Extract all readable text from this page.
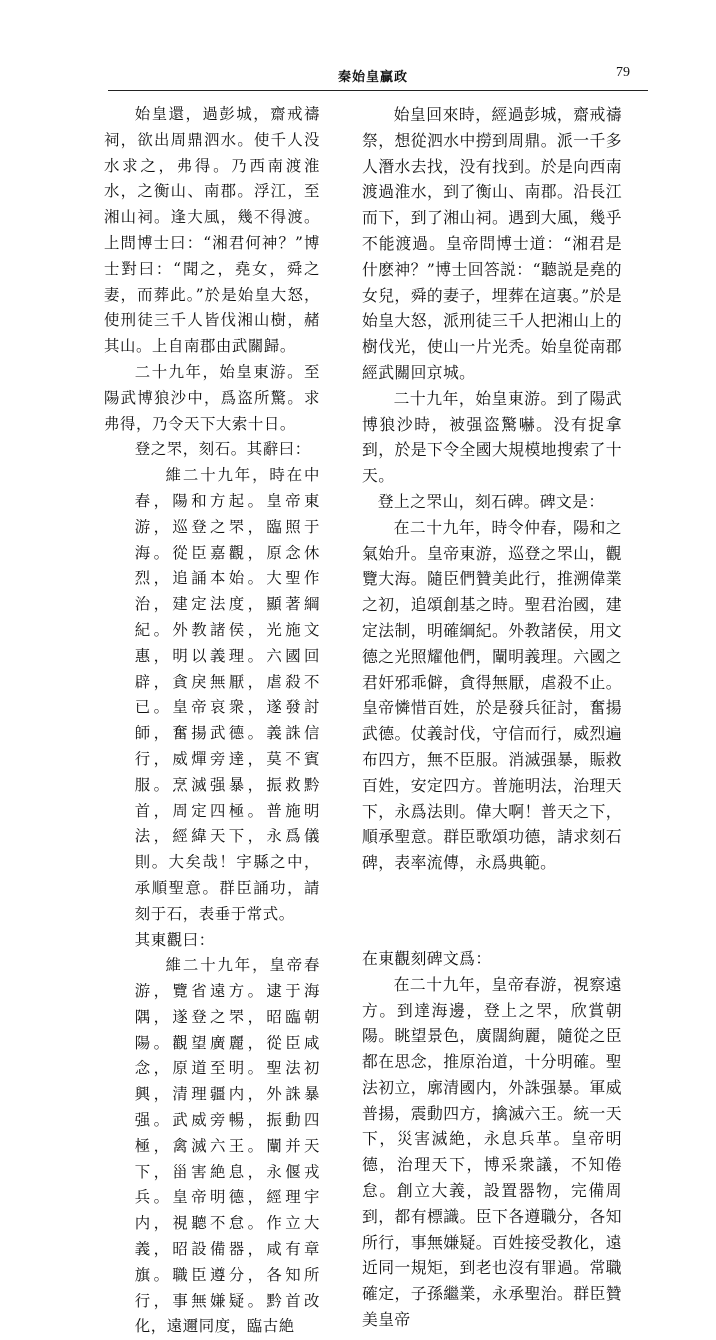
秦始皇贏政	79

始皇還，過彭城，齋戒禱祠，欲出周鼎泗水。使千人没水求之，弗得。乃西南渡淮水，之衡山、南郡。浮江，至湘山祠。逢大風，幾不得渡。上問博士曰：“湘君何神？”博士對曰：“聞之，堯女，舜之妻，而葬此。”於是始皇大怒，使刑徒三千人皆伐湘山樹，赭其山。上自南郡由武關歸。

二十九年，始皇東游。至陽武博狼沙中，爲盗所驚。求弗得，乃令天下大索十日。

登之罘，刻石。其辭曰：

維二十九年，時在中春，陽和方起。皇帝東游，巡登之罘，臨照于海。從臣嘉觀，原念休烈，追誦本始。大聖作治，建定法度，顯著綱紀。外教諸侯，光施文惠，明以義理。六國回辟，貪戾無厭，虐殺不已。皇帝哀衆，遂發討師，奮揚武德。義誅信行，威燀旁達，莫不賓服。烹滅强暴，振救黔首，周定四極。普施明法，經緯天下，永爲儀則。大矣哉！宇縣之中，承順聖意。群臣誦功，請刻于石，表垂于常式。

其東觀曰：

維二十九年，皇帝春游，覽省遠方。逮于海隅，遂登之罘，昭臨朝陽。觀望廣麗，從臣咸念，原道至明。聖法初興，清理疆内，外誅暴强。武威旁暢，振動四極，禽滅六王。闡并天下，甾害絶息，永偃戎兵。皇帝明德，經理宇内，視聽不怠。作立大義，昭設備器，咸有章旗。職臣遵分，各知所行，事無嫌疑。黔首改化，遠邇同度，臨古絶

始皇回來時，經過彭城，齋戒禱祭，想從泗水中撈到周鼎。派一千多人潛水去找，没有找到。於是向西南渡過淮水，到了衡山、南郡。沿長江而下，到了湘山祠。遇到大風，幾乎不能渡過。皇帝問博士道：“湘君是什麽神？”博士回答説：“聽説是堯的女兒，舜的妻子，埋葬在這裏。”於是始皇大怒，派刑徒三千人把湘山上的樹伐光，使山一片光秃。始皇從南郡經武關回京城。

二十九年，始皇東游。到了陽武博狼沙時，被强盗驚嚇。没有捉拿到，於是下令全國大規模地搜索了十天。

登上之罘山，刻石碑。碑文是：

在二十九年，時令仲春，陽和之氣始升。皇帝東游，巡登之罘山，觀覽大海。隨臣們贊美此行，推溯偉業之初，追頌創基之時。聖君治國，建定法制，明確綱紀。外教諸侯，用文德之光照耀他們，闡明義理。六國之君奸邪乖僻，貪得無厭，虐殺不止。皇帝憐惜百姓，於是發兵征討，奮揚武德。仗義討伐，守信而行，威烈遍布四方，無不臣服。消滅强暴，賑救百姓，安定四方。普施明法，治理天下，永爲法則。偉大啊！普天之下，順承聖意。群臣歌頌功德，請求刻石碑，表率流傳，永爲典範。

在東觀刻碑文爲：

在二十九年，皇帝春游，視察遠方。到達海邊，登上之罘，欣賞朝陽。眺望景色，廣闊絢麗，隨從之臣都在思念，推原治道，十分明確。聖法初立，廓清國内，外誅强暴。軍威普揚，震動四方，擒滅六王。統一天下，災害滅絶，永息兵革。皇帝明德，治理天下，博采衆議，不知倦怠。創立大義，設置器物，完備周到，都有標識。臣下各遵職分，各知所行，事無嫌疑。百姓接受教化，遠近同一規矩，到老也沒有罪過。常職確定，子孫繼業，永承聖治。群臣贊美皇帝
